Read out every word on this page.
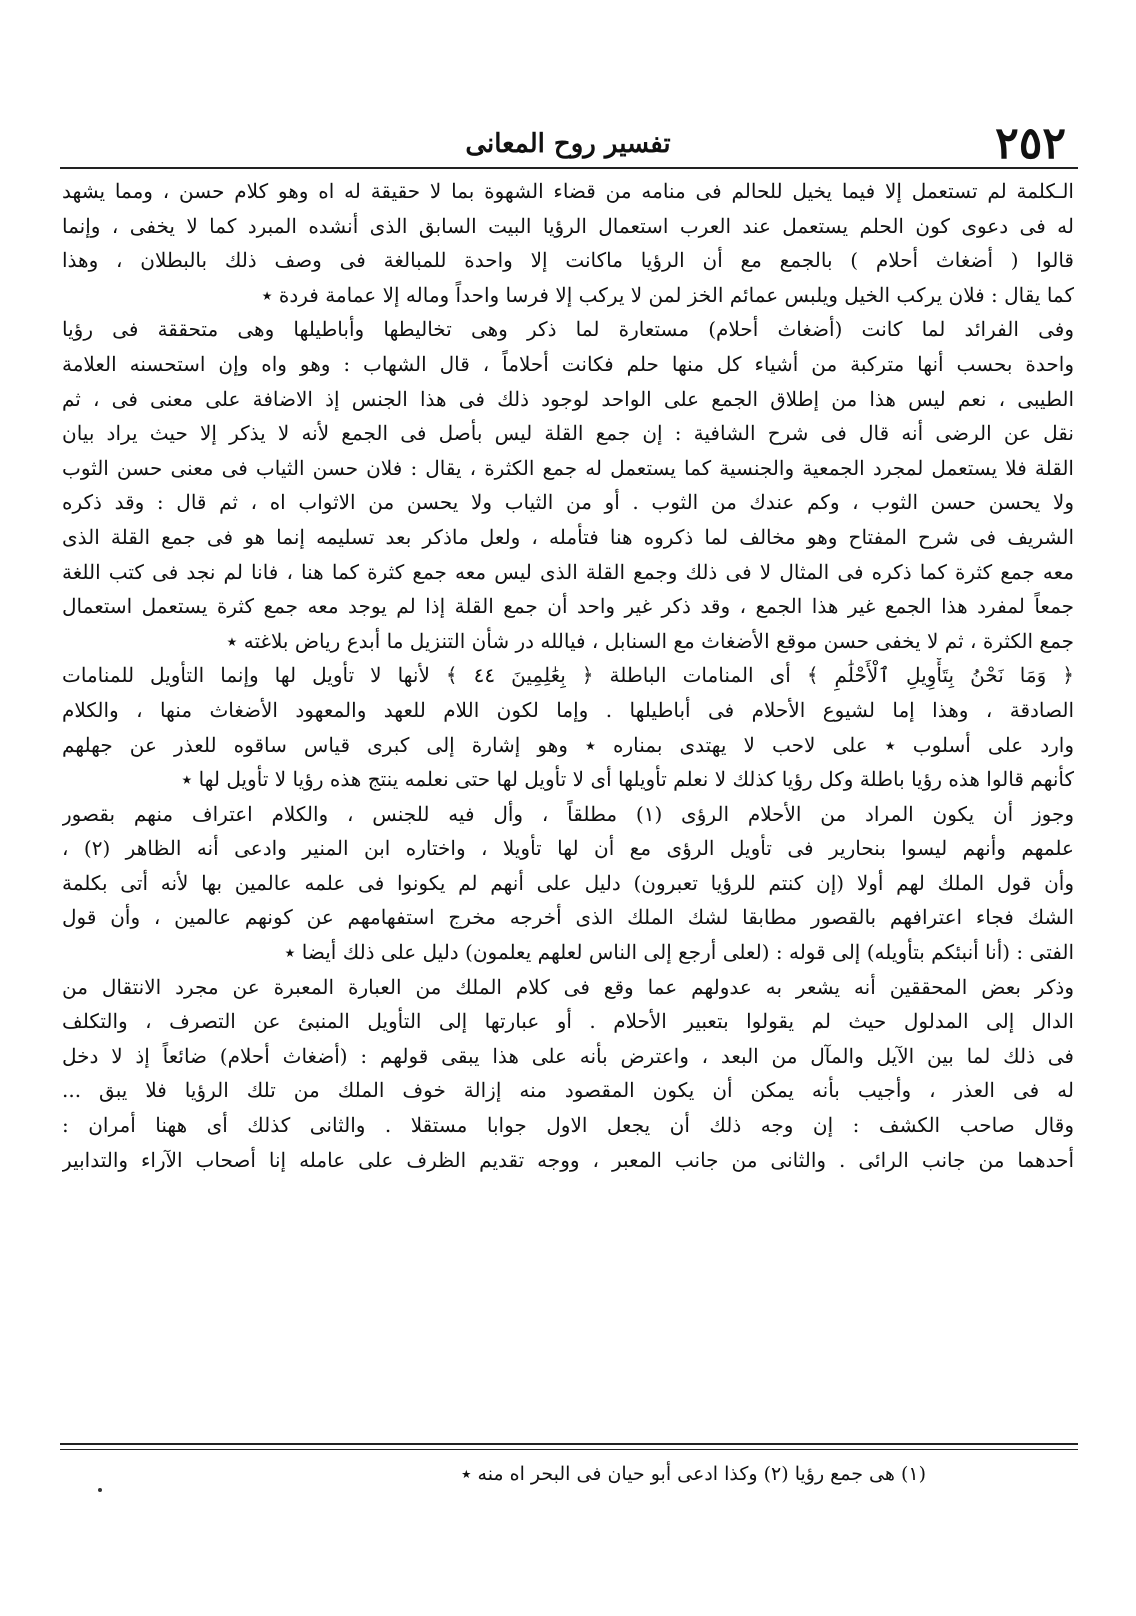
٢٥٢
تفسير روح المعانى
الـكلمة لم تستعمل إلا فيما يخيل للحالم فى منامه من قضاء الشهوة بما لا حقيقة له اه وهو كلام حسن ، ومما يشهد
له فى دعوى كون الحلم يستعمل عند العرب استعمال الرؤيا البيت السابق الذى أنشده المبرد كما لا يخفى ، وإنما
قالوا ( أضغاث أحلام ) بالجمع مع أن الرؤيا ماكانت إلا واحدة للمبالغة فى وصف ذلك بالبطلان ، وهذا
كما يقال : فلان يركب الخيل ويلبس عمائم الخز لمن لا يركب إلا فرسا واحداً وماله إلا عمامة فردة ٭
وفى الفرائد لما كانت (أضغاث أحلام) مستعارة لما ذكر وهى تخاليطها وأباطيلها وهى متحققة فى رؤيا
واحدة بحسب أنها متركبة من أشياء كل منها حلم فكانت أحلاماً ، قال الشهاب : وهو واه وإن استحسنه العلامة
الطيبى ، نعم ليس هذا من إطلاق الجمع على الواحد لوجود ذلك فى هذا الجنس إذ الاضافة على معنى فى ، ثم
نقل عن الرضى أنه قال فى شرح الشافية : إن جمع القلة ليس بأصل فى الجمع لأنه لا يذكر إلا حيث يراد بيان
القلة فلا يستعمل لمجرد الجمعية والجنسية كما يستعمل له جمع الكثرة ، يقال : فلان حسن الثياب فى معنى حسن الثوب
ولا يحسن حسن الثوب ، وكم عندك من الثوب . أو من الثياب ولا يحسن من الاثواب اه ، ثم قال : وقد ذكره
الشريف فى شرح المفتاح وهو مخالف لما ذكروه هنا فتأمله ، ولعل ماذكر بعد تسليمه إنما هو فى جمع القلة الذى
معه جمع كثرة كما ذكره فى المثال لا فى ذلك وجمع القلة الذى ليس معه جمع كثرة كما هنا ، فانا لم نجد فى كتب اللغة
جمعاً لمفرد هذا الجمع غير هذا الجمع ، وقد ذكر غير واحد أن جمع القلة إذا لم يوجد معه جمع كثرة يستعمل استعمال
جمع الكثرة ، ثم لا يخفى حسن موقع الأضغاث مع السنابل ، فيالله در شأن التنزيل ما أبدع رياض بلاغته ٭
﴿ وَمَا نَحْنُ بِتَأْوِيلِ ٱلْأَحْلَٰمِ ﴾ أى المنامات الباطلة ﴿ بِعَٰلِمِينَ ٤٤ ﴾ لأنها لا تأويل لها وإنما التأويل للمنامات
الصادقة ، وهذا إما لشيوع الأحلام فى أباطيلها . وإما لكون اللام للعهد والمعهود الأضغاث منها ، والكلام
وارد على أسلوب ٭ على لاحب لا يهتدى بمناره ٭ وهو إشارة إلى كبرى قياس ساقوه للعذر عن جهلهم
كأنهم قالوا هذه رؤيا باطلة وكل رؤيا كذلك لا نعلم تأويلها أى لا تأويل لها حتى نعلمه ينتج هذه رؤيا لا تأويل لها ٭
وجوز أن يكون المراد من الأحلام الرؤى (١) مطلقاً ، وأل فيه للجنس ، والكلام اعتراف منهم بقصور
علمهم وأنهم ليسوا بنحارير فى تأويل الرؤى مع أن لها تأويلا ، واختاره ابن المنير وادعى أنه الظاهر (٢) ،
وأن قول الملك لهم أولا (إن كنتم للرؤيا تعبرون) دليل على أنهم لم يكونوا فى علمه عالمين بها لأنه أتى بكلمة
الشك فجاء اعترافهم بالقصور مطابقا لشك الملك الذى أخرجه مخرج استفهامهم عن كونهم عالمين ، وأن قول
الفتى : (أنا أنبئكم بتأويله) إلى قوله : (لعلى أرجع إلى الناس لعلهم يعلمون) دليل على ذلك أيضا ٭
وذكر بعض المحققين أنه يشعر به عدولهم عما وقع فى كلام الملك من العبارة المعبرة عن مجرد الانتقال من
الدال إلى المدلول حيث لم يقولوا بتعبير الأحلام . أو عبارتها إلى التأويل المنبئ عن التصرف ، والتكلف
فى ذلك لما بين الآيل والمآل من البعد ، واعترض بأنه على هذا يبقى قولهم : (أضغاث أحلام) ضائعاً إذ لا دخل
له فى العذر ، وأجيب بأنه يمكن أن يكون المقصود منه إزالة خوف الملك من تلك الرؤيا فلا يبق ...
وقال صاحب الكشف : إن وجه ذلك أن يجعل الاول جوابا مستقلا . والثانى كذلك أى ههنا أمران :
أحدهما من جانب الرائى . والثانى من جانب المعبر ، ووجه تقديم الظرف على عامله إنا أصحاب الآراء والتدابير
(١) هى جمع رؤيا (٢) وكذا ادعى أبو حيان فى البحر اه منه ٭
